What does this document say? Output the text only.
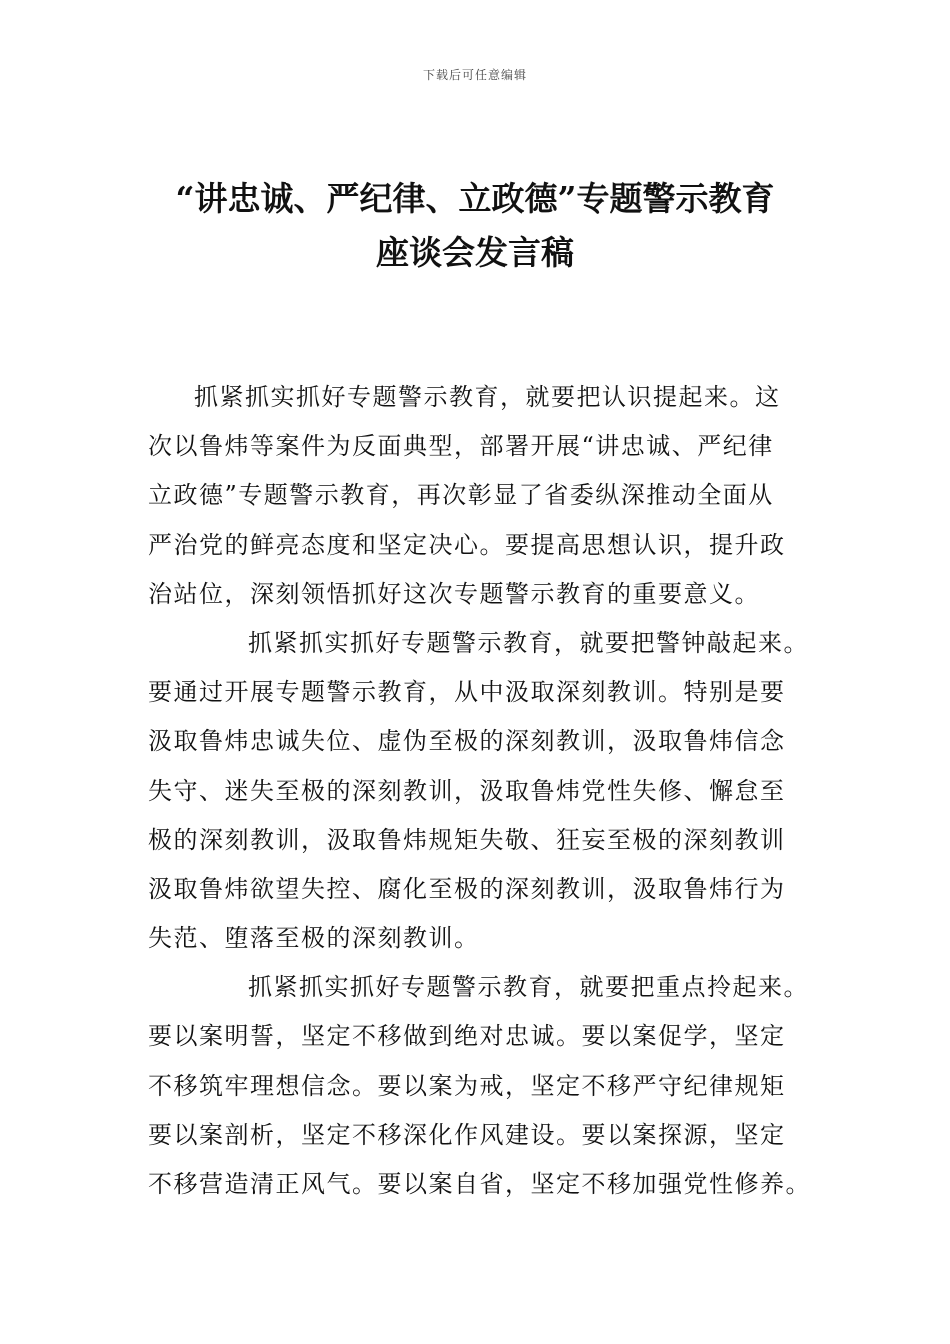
下载后可任意编辑
“讲忠诚、严纪律、立政德”专题警示教育
座谈会发言稿
抓紧抓实抓好专题警示教育，就要把认识提起来。这
次以鲁炜等案件为反面典型，部署开展“讲忠诚、严纪律
立政德”专题警示教育，再次彰显了省委纵深推动全面从
严治党的鲜亮态度和坚定决心。要提高思想认识，提升政
治站位，深刻领悟抓好这次专题警示教育的重要意义。
抓紧抓实抓好专题警示教育，就要把警钟敲起来。
要通过开展专题警示教育，从中汲取深刻教训。特别是要
汲取鲁炜忠诚失位、虚伪至极的深刻教训，汲取鲁炜信念
失守、迷失至极的深刻教训，汲取鲁炜党性失修、懈怠至
极的深刻教训，汲取鲁炜规矩失敬、狂妄至极的深刻教训
汲取鲁炜欲望失控、腐化至极的深刻教训，汲取鲁炜行为
失范、堕落至极的深刻教训。
抓紧抓实抓好专题警示教育，就要把重点拎起来。
要以案明誓，坚定不移做到绝对忠诚。要以案促学，坚定
不移筑牢理想信念。要以案为戒，坚定不移严守纪律规矩
要以案剖析，坚定不移深化作风建设。要以案探源，坚定
不移营造清正风气。要以案自省，坚定不移加强党性修养。
